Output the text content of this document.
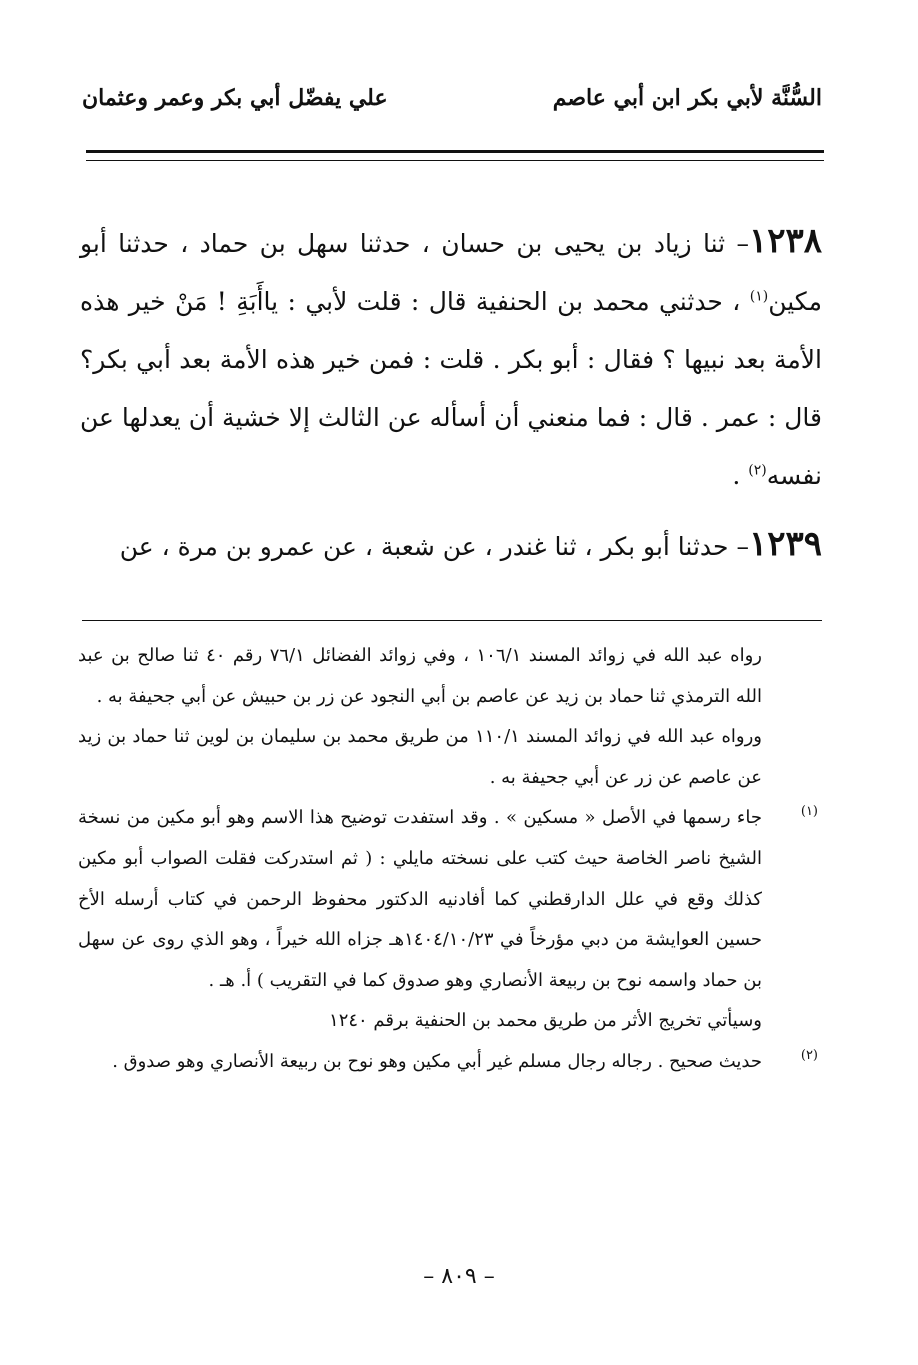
السُّنَّة لأبي بكر ابن أبي عاصم
علي يفضّل أبي بكر وعمر وعثمان

١٢٣٨– ثنا زياد بن يحيى بن حسان ، حدثنا سهل بن حماد ، حدثنا أبو مكين$^{(١)}$ ، حدثني محمد بن الحنفية قال : قلت لأبي : ياأَبَةِ ! مَنْ خير هذه الأمة بعد نبيها ؟ فقال : أبو بكر . قلت : فمن خير هذه الأمة بعد أبي بكر؟ قال : عمر . قال : فما منعني أن أسأله عن الثالث إلا خشية أن يعدلها عن نفسه$^{(٢)}$ .

١٢٣٩– حدثنا أبو بكر ، ثنا غندر ، عن شعبة ، عن عمرو بن مرة ، عن

رواه عبد الله في زوائد المسند ١٠٦/١ ، وفي زوائد الفضائل ٧٦/١ رقم ٤٠ ثنا صالح بن عبد الله الترمذي ثنا حماد بن زيد عن عاصم بن أبي النجود عن زر بن حبيش عن أبي جحيفة به .

ورواه عبد الله في زوائد المسند ١١٠/١ من طريق محمد بن سليمان بن لوين ثنا حماد بن زيد عن عاصم عن زر عن أبي جحيفة به .

(١)
جاء رسمها في الأصل « مسكين » . وقد استفدت توضيح هذا الاسم وهو أبو مكين من نسخة الشيخ ناصر الخاصة حيث كتب على نسخته مايلي : ( ثم استدركت فقلت الصواب أبو مكين كذلك وقع في علل الدارقطني كما أفادنيه الدكتور محفوظ الرحمن في كتاب أرسله الأخ حسين العوايشة من دبي مؤرخاً في ١٤٠٤/١٠/٢٣هـ جزاه الله خيراً ، وهو الذي روى عن سهل بن حماد واسمه نوح بن ربيعة الأنصاري وهو صدوق كما في التقريب ) أ. هـ .

وسيأتي تخريج الأثر من طريق محمد بن الحنفية برقم ١٢٤٠

(٢)
حديث صحيح . رجاله رجال مسلم غير أبي مكين وهو نوح بن ربيعة الأنصاري وهو صدوق .

– ٨٠٩ –
